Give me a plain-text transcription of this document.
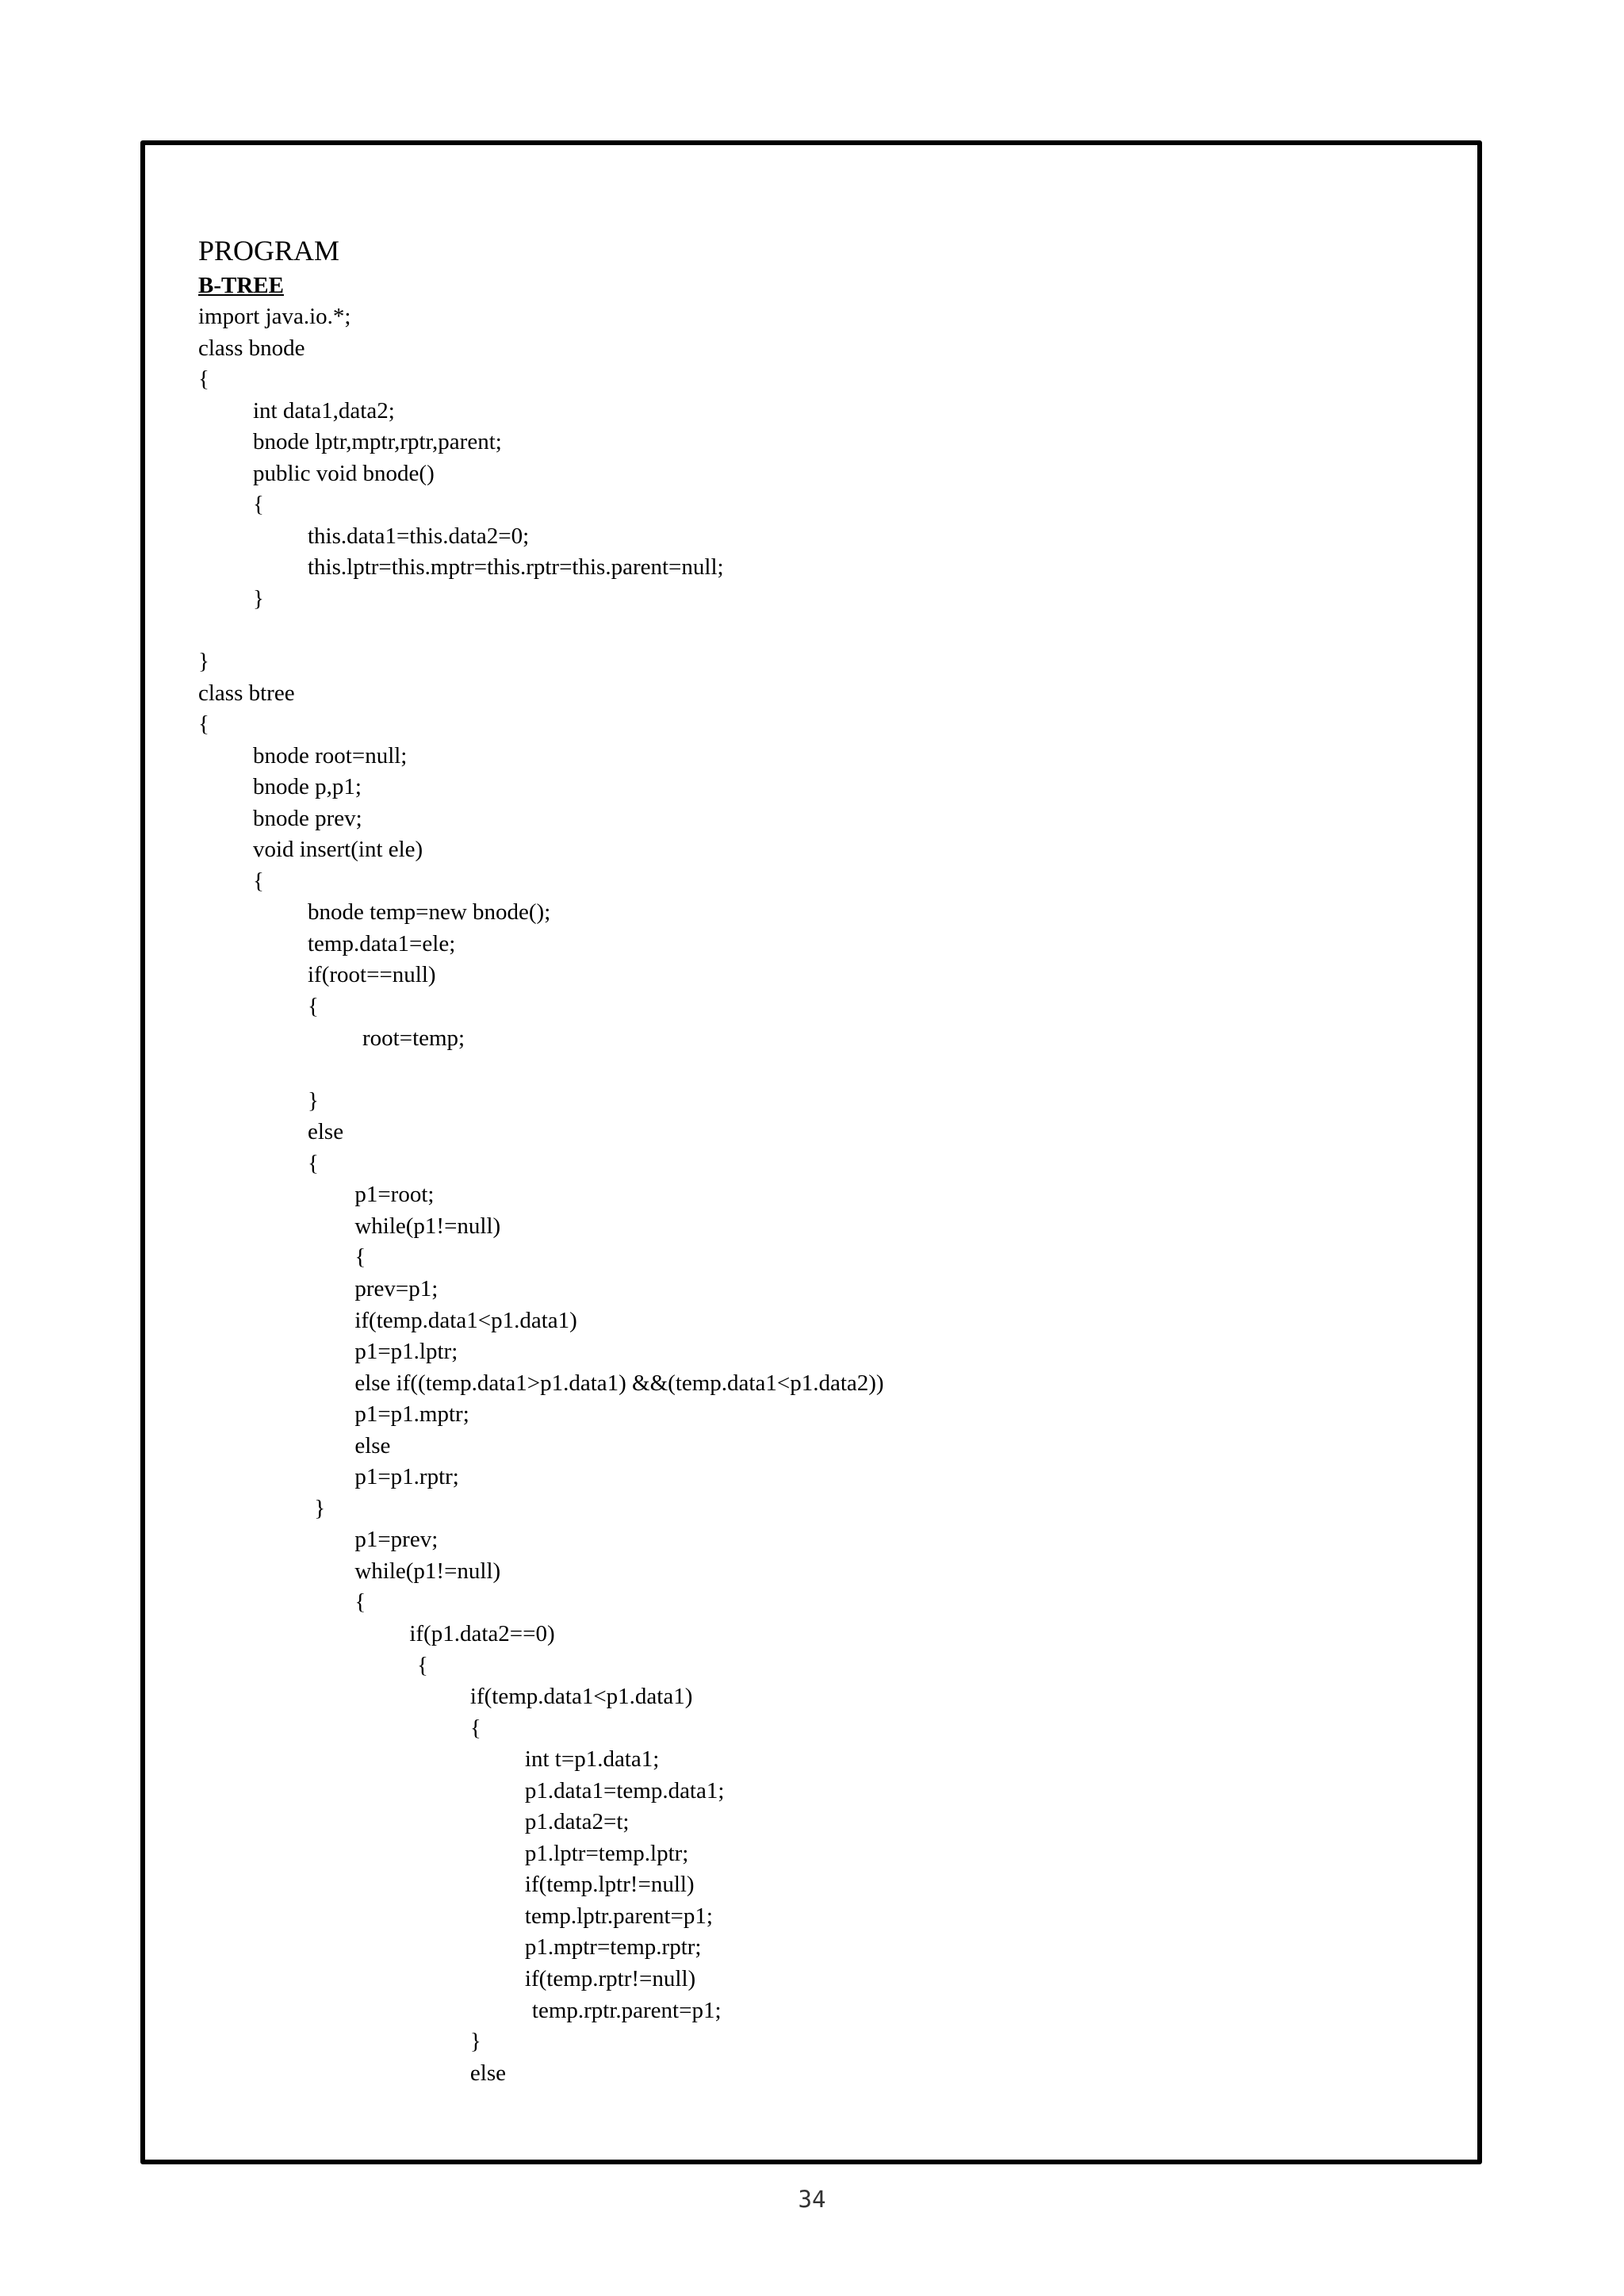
PROGRAM
B-TREE
import java.io.*;
class bnode
{
int data1,data2;
bnode lptr,mptr,rptr,parent;
public void bnode()
{
this.data1=this.data2=0;
this.lptr=this.mptr=this.rptr=this.parent=null;
}
}
class btree
{
bnode root=null;
bnode p,p1;
bnode prev;
void insert(int ele)
{
bnode temp=new bnode();
temp.data1=ele;
if(root==null)
{
root=temp;
}
else
{
p1=root;
while(p1!=null)
{
prev=p1;
if(temp.data1<p1.data1)
p1=p1.lptr;
else if((temp.data1>p1.data1) &&(temp.data1<p1.data2))
p1=p1.mptr;
else
p1=p1.rptr;
}
p1=prev;
while(p1!=null)
{
if(p1.data2==0)
{
if(temp.data1<p1.data1)
{
int t=p1.data1;
p1.data1=temp.data1;
p1.data2=t;
p1.lptr=temp.lptr;
if(temp.lptr!=null)
temp.lptr.parent=p1;
p1.mptr=temp.rptr;
if(temp.rptr!=null)
temp.rptr.parent=p1;
}
else
34
